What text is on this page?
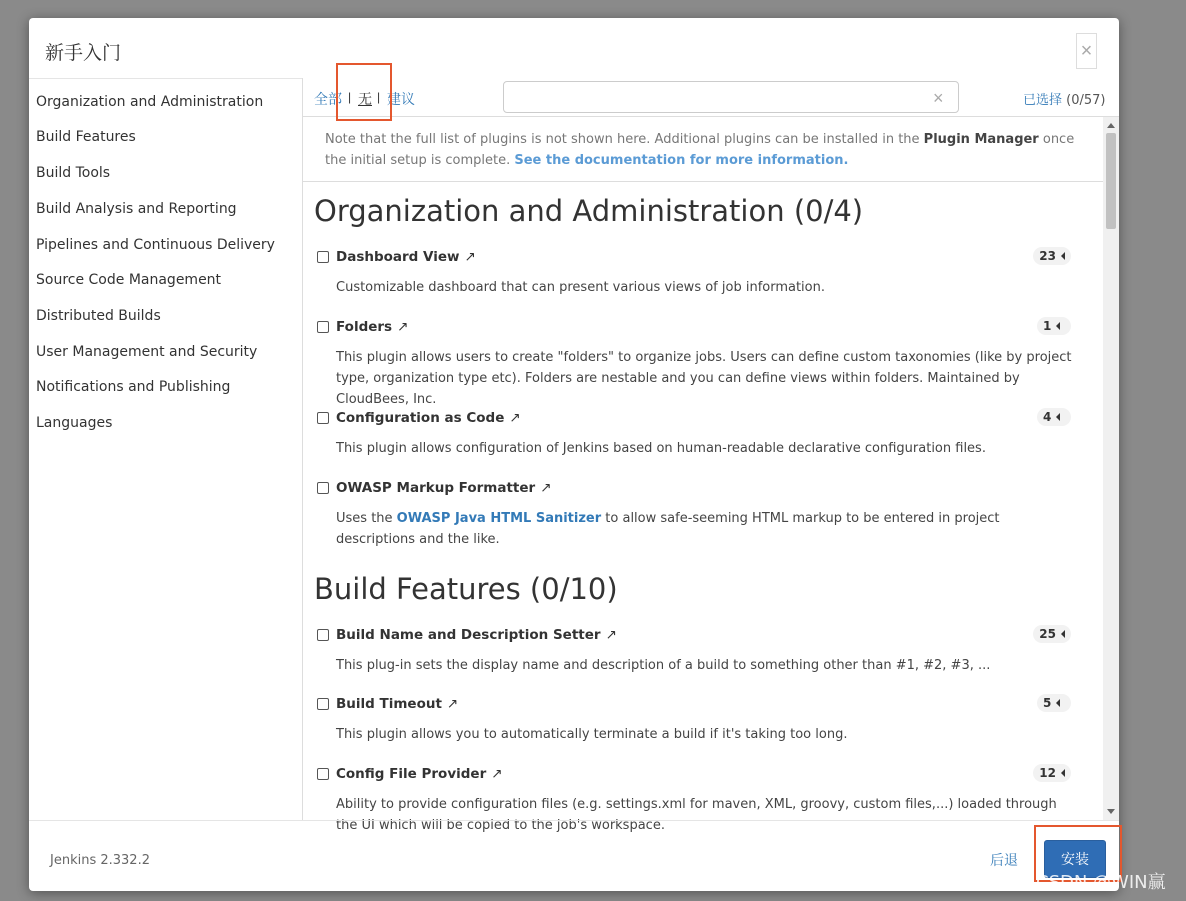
新手入门	×
Organization and Administration
Build Features
Build Tools
Build Analysis and Reporting
Pipelines and Continuous Delivery
Source Code Management
Distributed Builds
User Management and Security
Notifications and Publishing
Languages
全部 | 无 | 建议	×	已选择 (0/57)
Note that the full list of plugins is not shown here. Additional plugins can be installed in the Plugin Manager once the initial setup is complete. See the documentation for more information.
Organization and Administration (0/4)
Dashboard View ↗	23
Customizable dashboard that can present various views of job information.
Folders ↗	1
This plugin allows users to create "folders" to organize jobs. Users can define custom taxonomies (like by project type, organization type etc). Folders are nestable and you can define views within folders. Maintained by CloudBees, Inc.
Configuration as Code ↗	4
This plugin allows configuration of Jenkins based on human-readable declarative configuration files.
OWASP Markup Formatter ↗
Uses the OWASP Java HTML Sanitizer to allow safe-seeming HTML markup to be entered in project descriptions and the like.
Build Features (0/10)
Build Name and Description Setter ↗	25
This plug-in sets the display name and description of a build to something other than #1, #2, #3, ...
Build Timeout ↗	5
This plugin allows you to automatically terminate a build if it's taking too long.
Config File Provider ↗	12
Ability to provide configuration files (e.g. settings.xml for maven, XML, groovy, custom files,...) loaded through the UI which will be copied to the job's workspace.
Jenkins 2.332.2	后退	安装
CSDN @WIN赢
